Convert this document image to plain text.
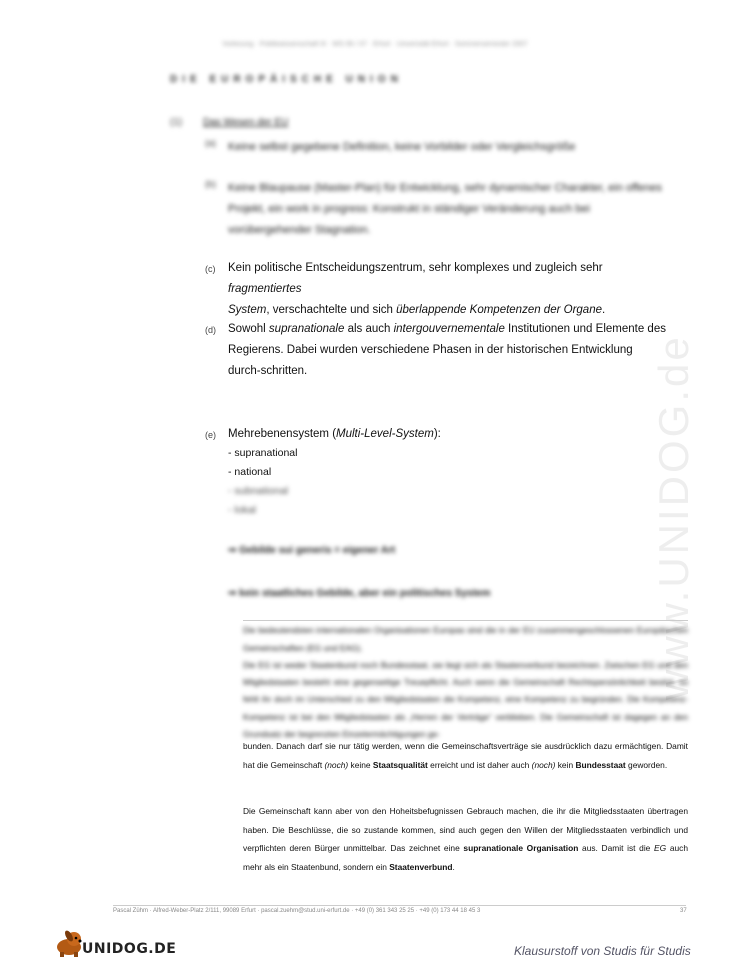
www.UNIDOG.de
Vorlesung · Politikwissenschaft III · WS 06 / 07 · Erfurt · Universität Erfurt · Sommersemester 2007
DIE EUROPÄISCHE UNION
(1) Das Wesen der EU
(a) Keine selbst gegebene Definition, keine Vorbilder oder Vergleichsgröße
(b) Keine Blaupause (Master-Plan) für Entwicklung, sehr dynamischer Charakter, ein offenes Projekt, ein work in progress: Konstrukt in ständiger Veränderung auch bei vorübergehender Stagnation.
(c) Kein politische Entscheidungszentrum, sehr komplexes und zugleich sehr fragmentiertes
System, verschachtelte und sich überlappende Kompetenzen der Organe.
(d) Sowohl supranationale als auch intergouvernementale Institutionen und Elemente des Regierens. Dabei wurden verschiedene Phasen in der historischen Entwicklung durch-schritten.
(e) Mehrebenensystem (Multi-Level-System):
- supranational
- national
- subnational
- lokal
⇒ Gebilde sui generis = eigener Art
⇒ kein staatliches Gebilde, aber ein politisches System
Die bedeutendsten internationalen Organisationen Europas sind die in der EU zusammengeschlossenen Europäischen Gemeinschaften (EG und EAG).
Die EG ist weder Staatenbund noch Bundesstaat, sie liegt sich als Staatenverbund bezeichnen. Zwischen EG und den Mitgliedstaaten besteht eine gegenseitige Treuepflicht. Auch wenn die Gemeinschaft Rechtspersönlichkeit besitzt, so fehlt ihr doch im Unterschied zu den Mitgliedstaaten die Kompetenz, eine Kompetenz zu begründen. Die Kompetenz-Kompetenz ist bei den Mitgliedstaaten als „Herren der Verträge“ verblieben. Die Gemeinschaft ist dagegen an den Grundsatz der begrenzten Einzelermächtigungen ge-
bunden. Danach darf sie nur tätig werden, wenn die Gemeinschaftsverträge sie ausdrücklich dazu ermächtigen. Damit hat die Gemeinschaft (noch) keine Staatsqualität erreicht und ist daher auch (noch) kein Bundesstaat geworden.
Die Gemeinschaft kann aber von den Hoheitsbefugnissen Gebrauch machen, die ihr die Mitgliedsstaaten übertragen haben. Die Beschlüsse, die so zustande kommen, sind auch gegen den Willen der Mitgliedsstaaten verbindlich und verpflichten deren Bürger unmittelbar. Das zeichnet eine supranationale Organisation aus. Damit ist die EG auch mehr als ein Staatenbund, sondern ein Staatenverbund.
Pascal Zühm · Alfred-Weber-Platz 2/111, 99089 Erfurt · pascal.zuehm@stud.uni-erfurt.de · +49 (0) 361 343 25 25 · +49 (0) 173 44 18 45 3	37
UNIDOG.DE	Klausurstoff von Studis für Studis
